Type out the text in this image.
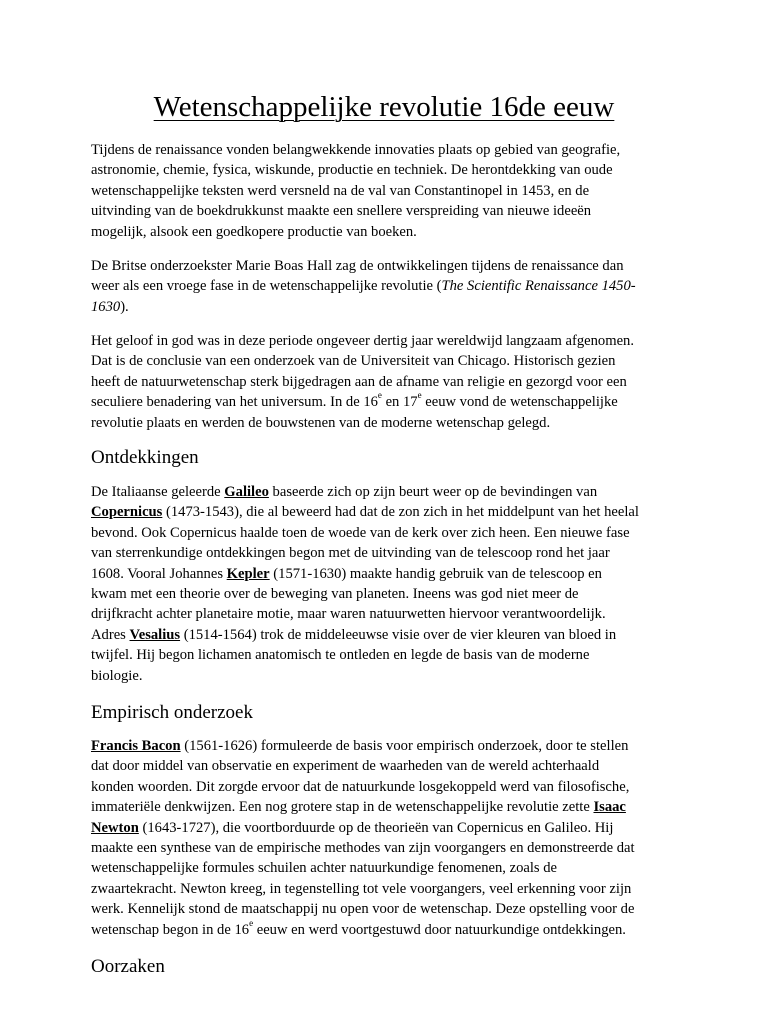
Wetenschappelijke revolutie 16de eeuw

Tijdens de renaissance vonden belangwekkende innovaties plaats op gebied van geografie,
astronomie, chemie, fysica, wiskunde, productie en techniek. De herontdekking van oude
wetenschappelijke teksten werd versneld na de val van Constantinopel in 1453, en de
uitvinding van de boekdrukkunst maakte een snellere verspreiding van nieuwe ideeën
mogelijk, alsook een goedkopere productie van boeken.

De Britse onderzoekster Marie Boas Hall zag de ontwikkelingen tijdens de renaissance dan
weer als een vroege fase in de wetenschappelijke revolutie (The Scientific Renaissance 1450-
1630).

Het geloof in god was in deze periode ongeveer dertig jaar wereldwijd langzaam afgenomen.
Dat is de conclusie van een onderzoek van de Universiteit van Chicago. Historisch gezien
heeft de natuurwetenschap sterk bijgedragen aan de afname van religie en gezorgd voor een
seculiere benadering van het universum. In de 16e en 17e eeuw vond de wetenschappelijke
revolutie plaats en werden de bouwstenen van de moderne wetenschap gelegd.

Ontdekkingen

De Italiaanse geleerde Galileo baseerde zich op zijn beurt weer op de bevindingen van
Copernicus (1473-1543), die al beweerd had dat de zon zich in het middelpunt van het heelal
bevond. Ook Copernicus haalde toen de woede van de kerk over zich heen. Een nieuwe fase
van sterrenkundige ontdekkingen begon met de uitvinding van de telescoop rond het jaar
1608. Vooral Johannes Kepler (1571-1630) maakte handig gebruik van de telescoop en
kwam met een theorie over de beweging van planeten. Ineens was god niet meer de
drijfkracht achter planetaire motie, maar waren natuurwetten hiervoor verantwoordelijk.
Adres Vesalius (1514-1564) trok de middeleeuwse visie over de vier kleuren van bloed in
twijfel. Hij begon lichamen anatomisch te ontleden en legde de basis van de moderne
biologie.

Empirisch onderzoek

Francis Bacon (1561-1626) formuleerde de basis voor empirisch onderzoek, door te stellen
dat door middel van observatie en experiment de waarheden van de wereld achterhaald
konden woorden. Dit zorgde ervoor dat de natuurkunde losgekoppeld werd van filosofische,
immateriële denkwijzen. Een nog grotere stap in de wetenschappelijke revolutie zette Isaac
Newton (1643-1727), die voortborduurde op de theorieën van Copernicus en Galileo. Hij
maakte een synthese van de empirische methodes van zijn voorgangers en demonstreerde dat
wetenschappelijke formules schuilen achter natuurkundige fenomenen, zoals de
zwaartekracht. Newton kreeg, in tegenstelling tot vele voorgangers, veel erkenning voor zijn
werk. Kennelijk stond de maatschappij nu open voor de wetenschap. Deze opstelling voor de
wetenschap begon in de 16e eeuw en werd voortgestuwd door natuurkundige ontdekkingen.

Oorzaken
